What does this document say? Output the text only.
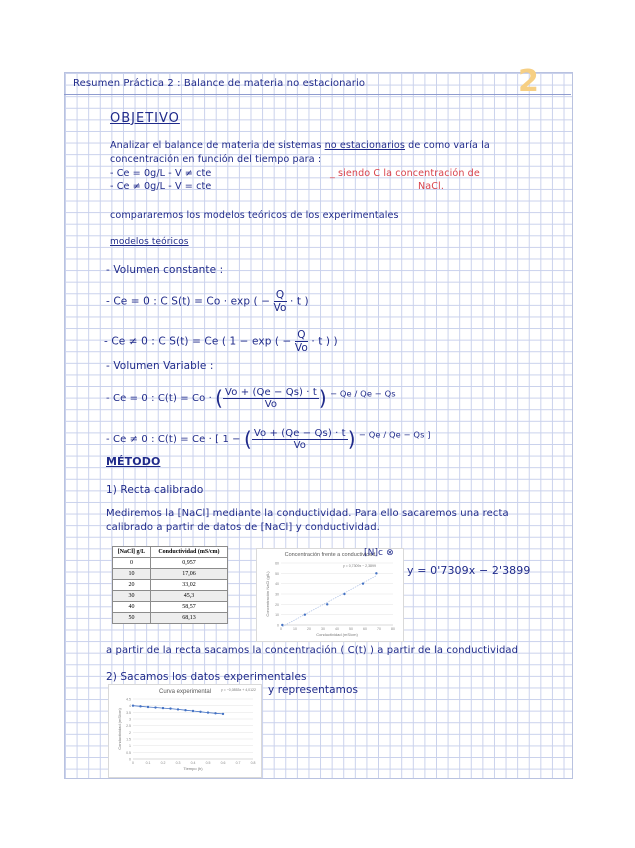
Resumen Práctica 2 : Balance de materia no estacionario	2
OBJETIVO
Analizar el balance de materia de sistemas no estacionarios de como varía la
concentración en función del tiempo para :
- Ce = 0g/L - V ≠ cte
- Ce ≠ 0g/L - V = cte
_ siendo C la concentración de
NaCl.
compararemos los modelos teóricos de los experimentales
modelos teóricos
- Volumen constante :
- Ce = 0 : C S(t) = Co · exp ( − $\frac{Q}{Vo} \cdot t$ )
- Ce ≠ 0 : C S(t) = Ce ( 1 − exp ( − $\frac{Q}{Vo} \cdot t$ ) )
- Volumen Variable :
- Ce = 0 : C(t) = Co · ( $\frac{Vo + (Qe - Qs) \cdot t}{Vo}$ ) $^{- Qe / Qe - Qs}$
- Ce ≠ 0 : C(t) = Ce · [ 1 − ( $\frac{Vo + (Qe - Qs) \cdot t}{Vo}$ ) $^{- Qe / Qe - Qs ]}$
MÉTODO
1) Recta calibrado
Mediremos la [NaCl] mediante la conductividad. Para ello sacaremos una recta
calibrado a partir de datos de [NaCl] y conductividad.
[NaCl] g/L	Conductividad (mS/cm)
0	0,957
10	17,06
20	33,02
30	45,3
40	58,57
50	68,13
Concentración frente a conductividad
0
10
20
30
40
50
60
0	10	20	30	40	50	60	70	80
Conductividad (mS/cm)
Concentración NaCl (g/L)
y = 0,7309x − 2,3899
[N]c ⊗
y = 0'7309x − 2'3899
a partir de la recta sacamos la concentración ( C(t) ) a partir de la conductividad
2) Sacamos los datos experimentales
y representamos
Curva experimental
0
0.5
1
1.5
2
2.5
3
3.5
4
4.5
0	0.1	0.2	0.3	0.4	0.5	0.6	0.7	0.8
Tiempo (h)
Conductividad (mS/cm)
y = −0,0853x + 4,0122
